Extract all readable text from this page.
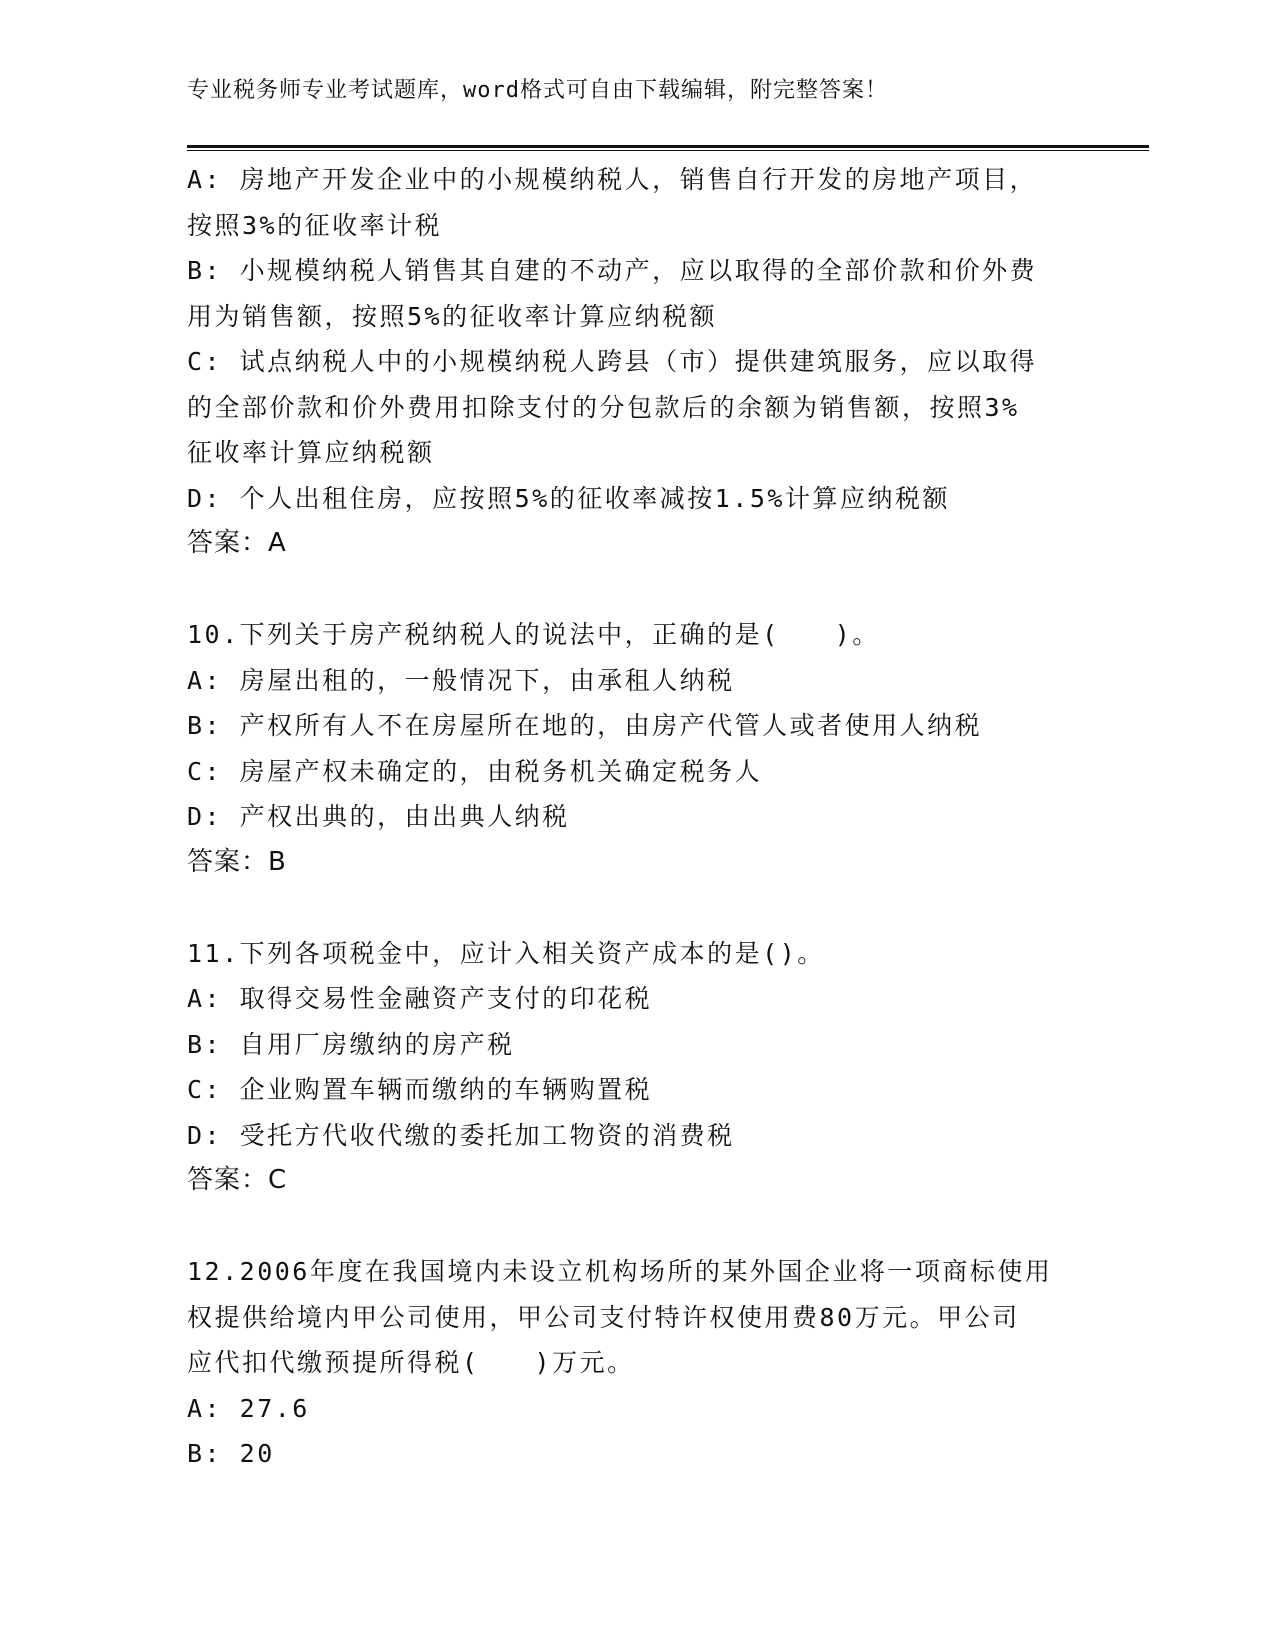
专业税务师专业考试题库，word格式可自由下载编辑，附完整答案！

A: 房地产开发企业中的小规模纳税人，销售自行开发的房地产项目，

按照3%的征收率计税

B: 小规模纳税人销售其自建的不动产，应以取得的全部价款和价外费

用为销售额，按照5%的征收率计算应纳税额

C: 试点纳税人中的小规模纳税人跨县（市）提供建筑服务，应以取得

的全部价款和价外费用扣除支付的分包款后的余额为销售额，按照3%

征收率计算应纳税额

D: 个人出租住房，应按照5%的征收率减按1.5%计算应纳税额

答案：A

10.下列关于房产税纳税人的说法中，正确的是(　　)。

A: 房屋出租的，一般情况下，由承租人纳税

B: 产权所有人不在房屋所在地的，由房产代管人或者使用人纳税

C: 房屋产权未确定的，由税务机关确定税务人

D: 产权出典的，由出典人纳税

答案：B

11.下列各项税金中，应计入相关资产成本的是()。

A: 取得交易性金融资产支付的印花税

B: 自用厂房缴纳的房产税

C: 企业购置车辆而缴纳的车辆购置税

D: 受托方代收代缴的委托加工物资的消费税

答案：C

12.2006年度在我国境内未设立机构场所的某外国企业将一项商标使用

权提供给境内甲公司使用，甲公司支付特许权使用费80万元。甲公司

应代扣代缴预提所得税(　　)万元。

A: 27.6

B: 20
